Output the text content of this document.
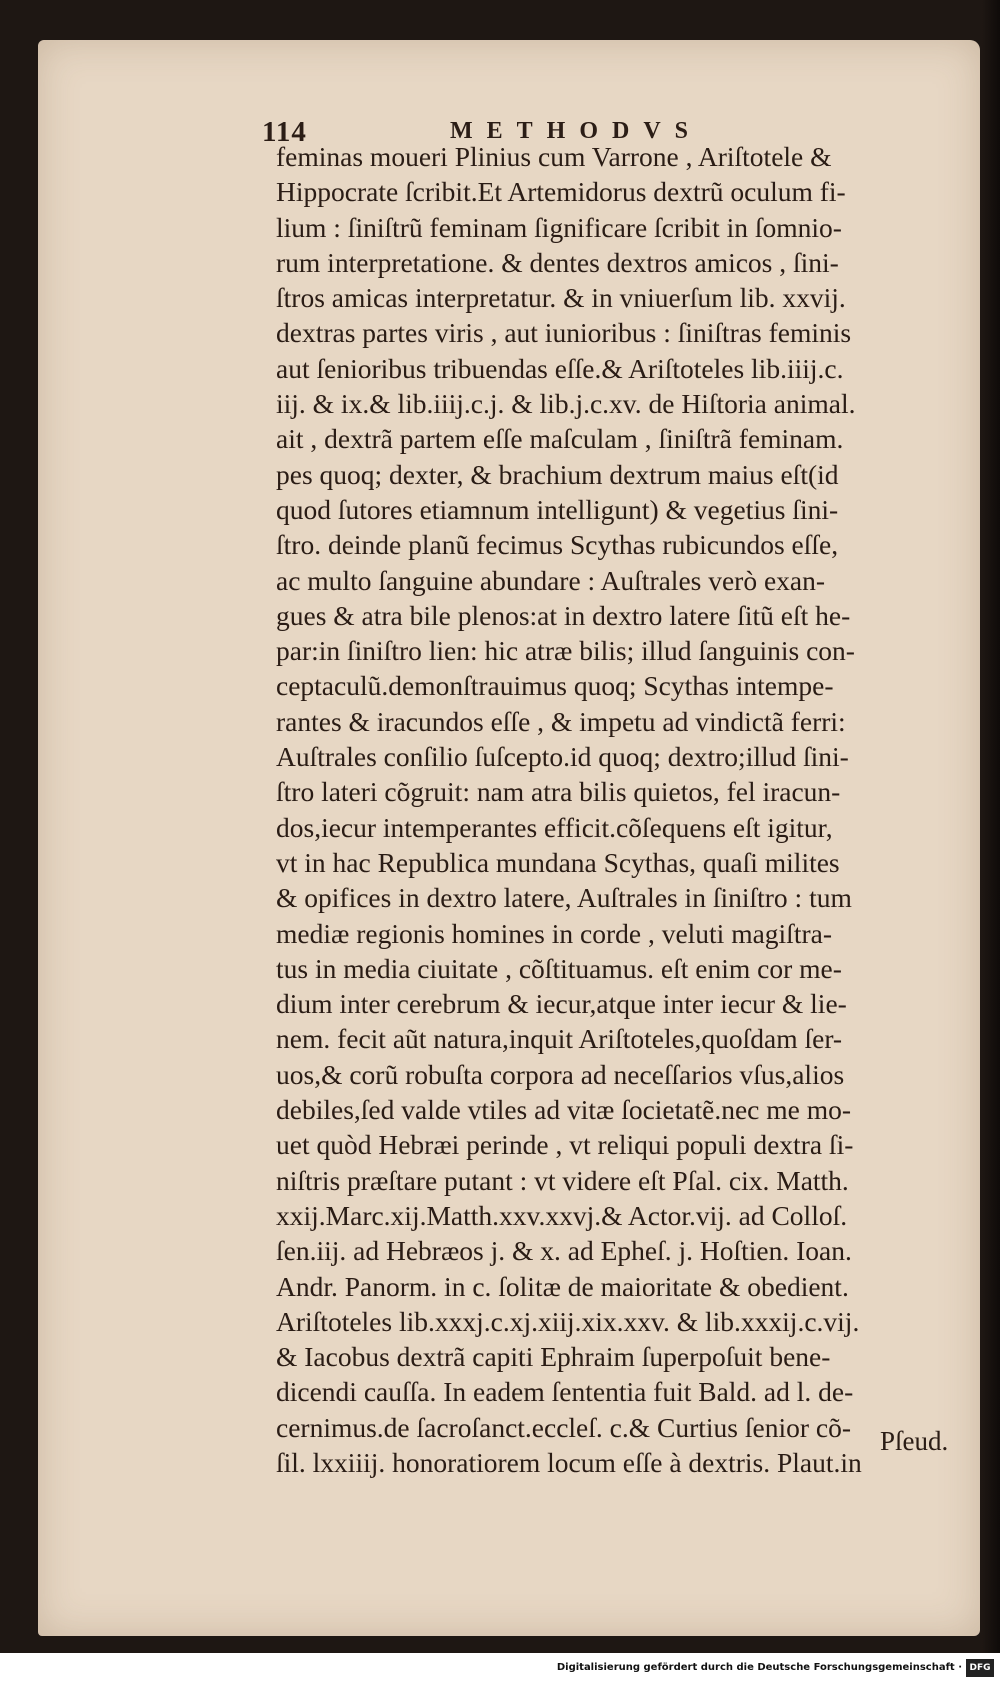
114	METHODVS
feminas moueri Plinius cum Varrone , Ariſtotele &
Hippocrate ſcribit.Et Artemidorus dextrũ oculum fi-
lium : ſiniſtrũ feminam ſignificare ſcribit in ſomnio-
rum interpretatione. & dentes dextros amicos , ſini-
ſtros amicas interpretatur. & in vniuerſum lib. xxvij.
dextras partes viris , aut iunioribus : ſiniſtras feminis
aut ſenioribus tribuendas eſſe.& Ariſtoteles lib.iiij.c.
iij. & ix.& lib.iiij.c.j. & lib.j.c.xv. de Hiſtoria animal.
ait , dextrã partem eſſe maſculam , ſiniſtrã feminam.
pes quoq; dexter, & brachium dextrum maius eſt(id
quod ſutores etiamnum intelligunt) & vegetius ſini-
ſtro. deinde planũ fecimus Scythas rubicundos eſſe,
ac multo ſanguine abundare : Auſtrales verò exan-
gues & atra bile plenos:at in dextro latere ſitũ eſt he-
par:in ſiniſtro lien: hic atræ bilis; illud ſanguinis con-
ceptaculũ.demonſtrauimus quoq; Scythas intempe-
rantes & iracundos eſſe , & impetu ad vindictã ferri:
Auſtrales conſilio ſuſcepto.id quoq; dextro;illud ſini-
ſtro lateri cõgruit: nam atra bilis quietos, fel iracun-
dos,iecur intemperantes efficit.cõſequens eſt igitur,
vt in hac Republica mundana Scythas, quaſi milites
& opifices in dextro latere, Auſtrales in ſiniſtro : tum
mediæ regionis homines in corde , veluti magiſtra-
tus in media ciuitate , cõſtituamus. eſt enim cor me-
dium inter cerebrum & iecur,atque inter iecur & lie-
nem. fecit aũt natura,inquit Ariſtoteles,quoſdam ſer-
uos,& corũ robuſta corpora ad neceſſarios vſus,alios
debiles,ſed valde vtiles ad vitæ ſocietatẽ.nec me mo-
uet quòd Hebræi perinde , vt reliqui populi dextra ſi-
niſtris præſtare putant : vt videre eſt Pſal. cix. Matth.
xxij.Marc.xij.Matth.xxv.xxvj.& Actor.vij. ad Colloſ.
ſen.iij. ad Hebræos j. & x. ad Epheſ. j. Hoſtien. Ioan.
Andr. Panorm. in c. ſolitæ de maioritate & obedient.
Ariſtoteles lib.xxxj.c.xj.xiij.xix.xxv. & lib.xxxij.c.vij.
& Iacobus dextrã capiti Ephraim ſuperpoſuit bene-
dicendi cauſſa. In eadem ſententia fuit Bald. ad l. de-
cernimus.de ſacroſanct.eccleſ. c.& Curtius ſenior cõ-
ſil. lxxiiij. honoratiorem locum eſſe à dextris. Plaut.in
Pſeud.
Digitalisierung gefördert durch die Deutsche Forschungsgemeinschaft · DFG
